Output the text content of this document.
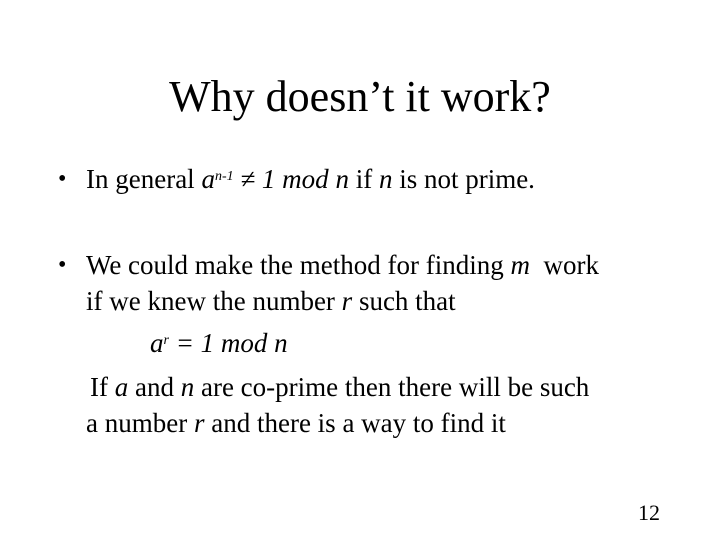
Why doesn’t it work?
• In general $a^{n-1} \ne 1$ mod n if n is not prime.
• We could make the method for finding m  work
if we knew the number r such that
$a^r = 1$ mod n
If a and n are co-prime then there will be such
a number r and there is a way to find it
12
